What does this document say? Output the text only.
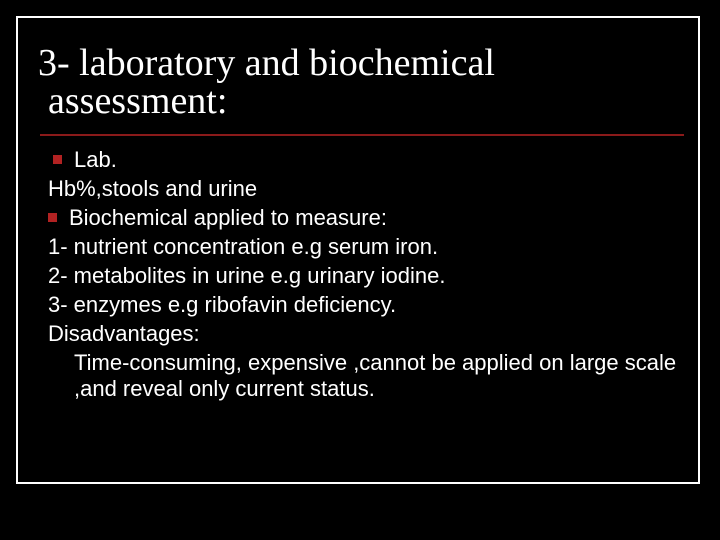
3- laboratory and biochemical
assessment:
Lab.
Hb%,stools and urine
Biochemical applied to measure:
1- nutrient concentration e.g serum iron.
2- metabolites in urine e.g urinary iodine.
3- enzymes e.g ribofavin deficiency.
Disadvantages:
Time-consuming, expensive ,cannot be applied on large scale ,and reveal only current status.
